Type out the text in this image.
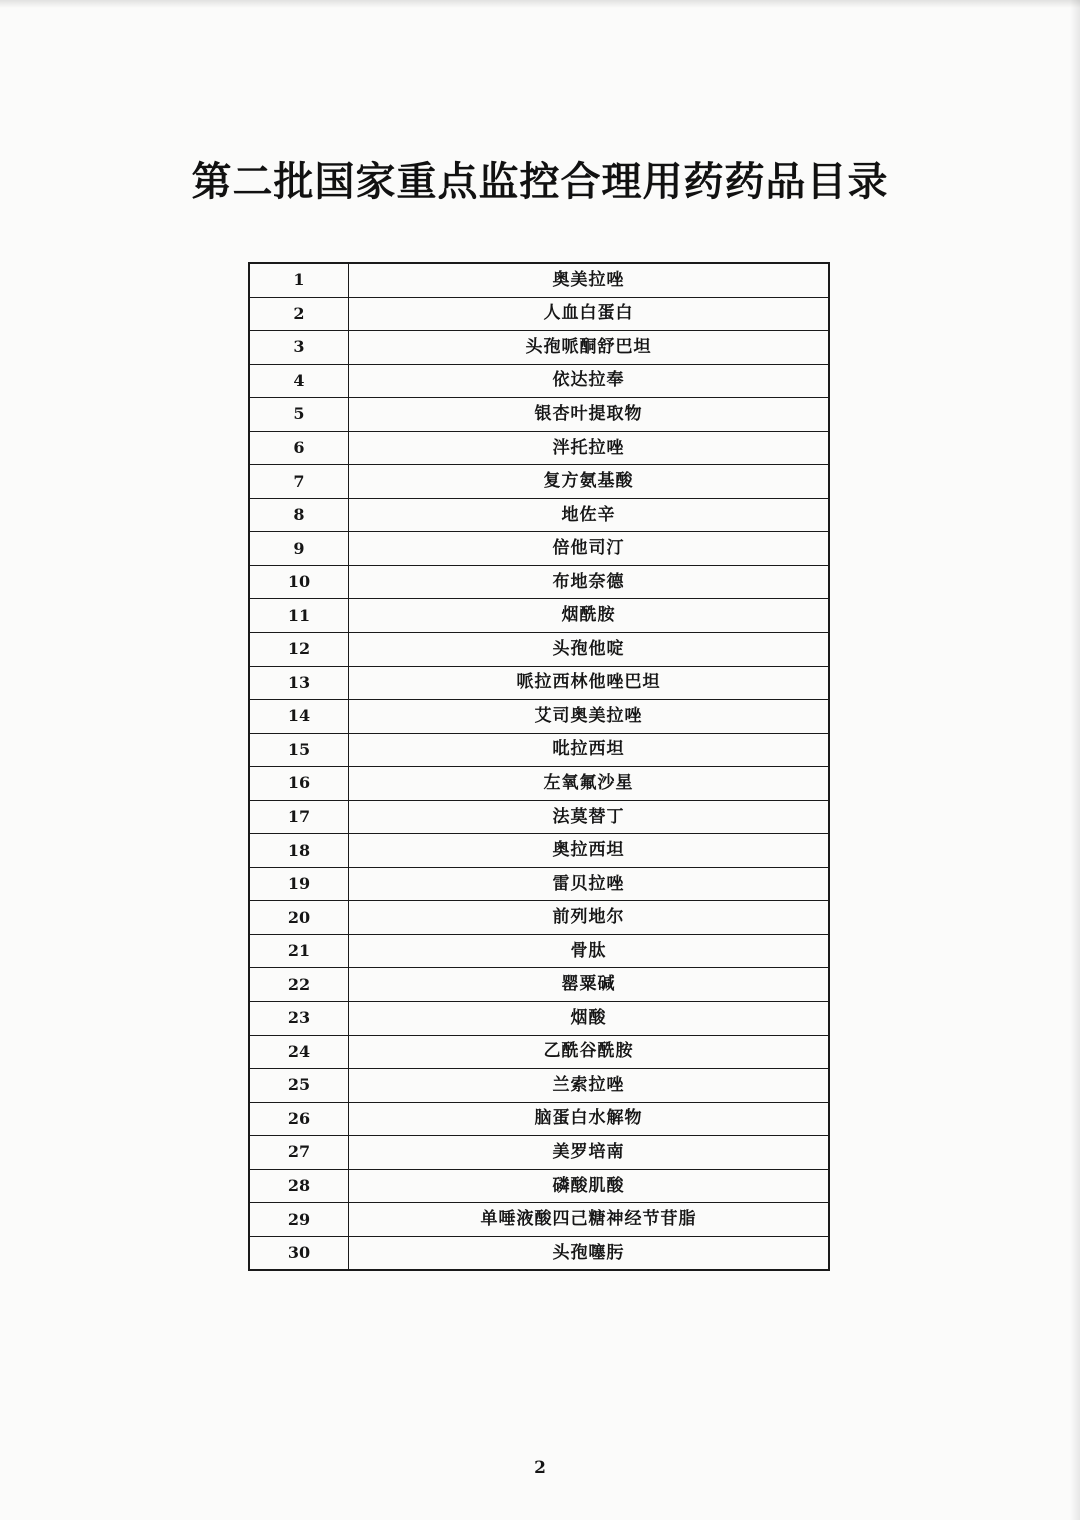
第二批国家重点监控合理用药药品目录
1	奥美拉唑
2	人血白蛋白
3	头孢哌酮舒巴坦
4	依达拉奉
5	银杏叶提取物
6	泮托拉唑
7	复方氨基酸
8	地佐辛
9	倍他司汀
10	布地奈德
11	烟酰胺
12	头孢他啶
13	哌拉西林他唑巴坦
14	艾司奥美拉唑
15	吡拉西坦
16	左氧氟沙星
17	法莫替丁
18	奥拉西坦
19	雷贝拉唑
20	前列地尔
21	骨肽
22	罂粟碱
23	烟酸
24	乙酰谷酰胺
25	兰索拉唑
26	脑蛋白水解物
27	美罗培南
28	磷酸肌酸
29	单唾液酸四己糖神经节苷脂
30	头孢噻肟
2
